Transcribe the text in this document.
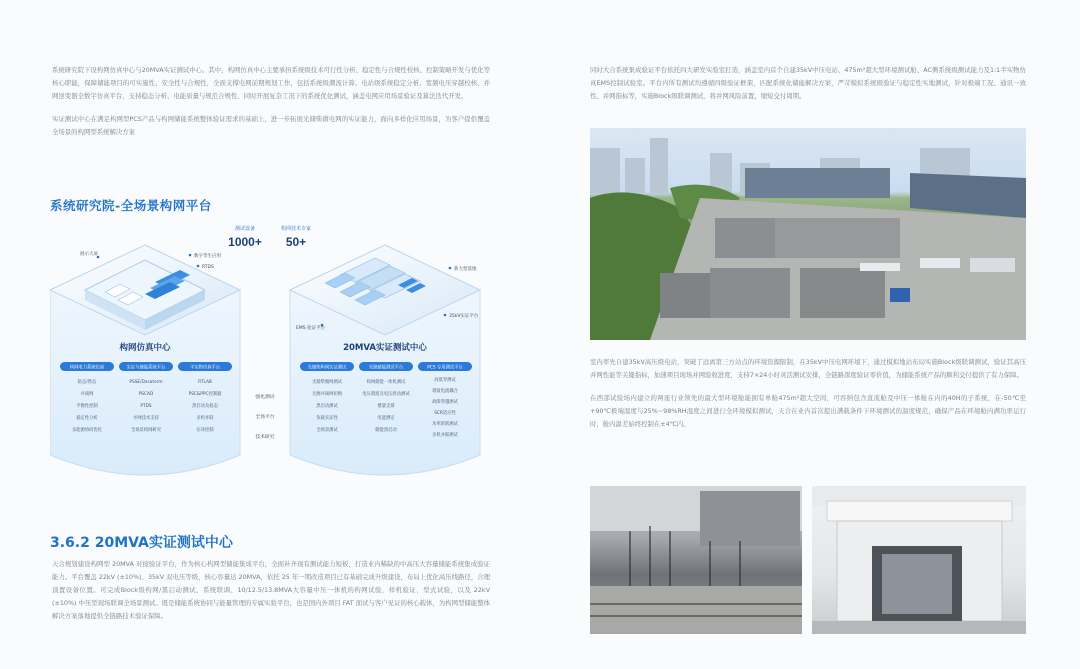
系统研究院下设构网仿真中心与20MVA实证测试中心。其中，构网仿真中心主要承担系统级技术可行性分析、稳定性与合规性校核、控制策略开发与优化等核心职能，保障储能项目的可实施性、安全性与合规性，全面支撑电网前期规划工作，包括系统级潮流计算、电站级系统稳定分析、宽频电压穿越校核、并网逆变器全数字仿真平台、支持稳态分析、电能质量与规范合规性、同时开展复杂工况下的系统优化测试，涵盖电网应用场景验证及算法迭代开发。

实证测试中心在满足构网型PCS产品与构网储能系统整体验证需求的基础上，进一步拓展光储柴微电网的实证能力，面向多样化应用场景，为客户提供覆盖全场景的构网型系统解决方案

系统研究院-全场景构网平台
测试设备
1000+
构网技术专家
50+
展示大屏	数字孪生应用
RTDS
构网仿真中心
新大型基地
35kV实证平台
EMS 验证平台
20MVA实证测试中心
构网电力系统仿真
稳态/暂态
并离网
平衡性控制
稳定性分析
多能源协同优化
实证与储能系统平台
PSSE/Dasaterm
PSCAD
PTDS
并网技术支持
全场景构网研究
半实物仿真平台
RTLAB
PSC&PPC控制器
黑启动及稳态
多机并联
在环控制
强化测试
全场平台
技术研究
光储柴构网实证测试
光储柴微网测试
无源并离网切换
黑启动测试
负载实证性
全场景测试
光储储能测试平台
构网储能一体机测试
电压谐波及电压扰动测试
惯量支撑
电能测定
储能黑启动
PCS 专用测试平台
高低穿测试
谐波电流耦合
故障穿越测试
SCR适应性
功率阶跃测试
多机并联测试
3.6.2 20MVA实证测试中心

天合规划建设构网型 20MVA 对接验证平台，作为核心构网型储能集成平台，全面补齐现有测试能力短板，打造业内稀缺的中高压大容量储能系统集成验证能力。平台覆盖 22kV (±10%)、35kV 双电压等级，核心容量达 20MVA，依托 25 年一期改造项目已有基础完成升级建设，布局上优化高压线路径，合理顶置设备位置。可完成Block级构网/黑启动测试、系统联调、10/12.5/13.8MVA大容量中压一体机的构网试验，样机验证、型式试验，以及 22kV (±10%) 中压型现场联调全场景测试。既是储能系统协同与能量管理的专属实验平台，也是国内外项目 FAT 面试与客户见证的核心载体，为构网型储能整体解决方案落地提供全链路技术验证保障。

同时大合系统集成验证平台依托四大研发实验室打造，涵盖室内首个自建35kV中压电站、475m²超大型环境测试舱、AC侧系统级测试能力及1:1半实物仿真EMS控制试验室。平台内所有测试均遵循四级验证框架，匹配系统化储能解决方案，严苛模拟系统级验证与稳定性实地测试，针对极端工况、通讯一致性、并网指标等，实施Block级联调测试，将并网风险前置，缩短交付周期。

室内率先自建35kV高压级电站，突破了远离第三方站点的环境资源限制，在35kV中压电网环境下，通过模拟地站布局实施Block级联调测试，验证其高压并网性能等关键指标，加速项目现场并网验收进度，支持7×24小时灵活测试安排，全链路深度验证零价值，为储能系统产品的顺利交付提供了有力保障。

在西部试验场内建立的两座行业领先的最大型环境舱能拥有单舱475m²超大空间，可容纳包含直流舱及中压一体舱在内的40H的子系统，在-50℃至+90℃极端温度与25%~98%RH湿度之间进行全环境模拟测试，天合在业内首次提出满载条件下环境测试的温度规范，确保产品在环境舱内满功率运行时，舱内温差始终控制在±4℃内。
